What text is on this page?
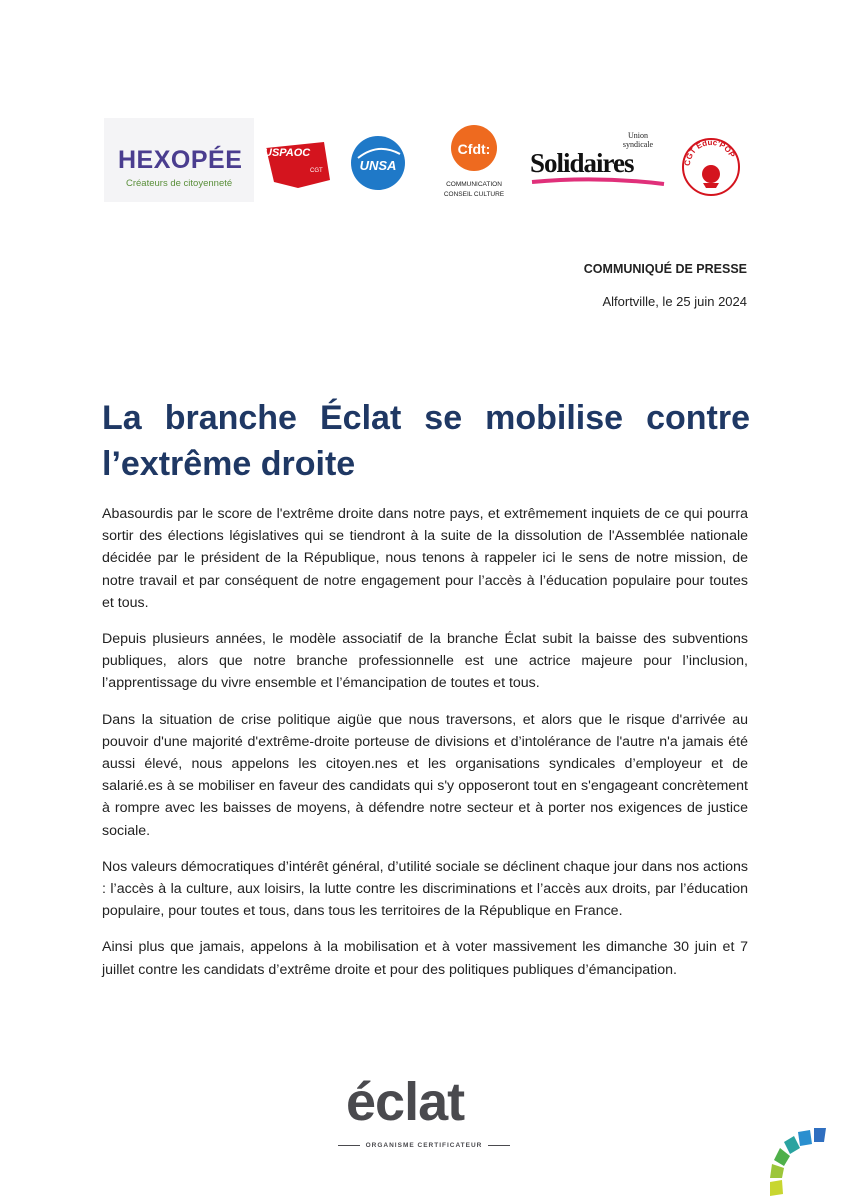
HEXOPÉE
Créateurs de citoyenneté
USPAOC
CGT	UNSA
Cfdt:
COMMUNICATION
CONSEIL CULTURE
Union
syndicale
Solidaires	CGT Educ'POP
COMMUNIQUÉ DE PRESSE
Alfortville, le 25 juin 2024
La branche Éclat se mobilise contre l’extrême droite

Abasourdis par le score de l'extrême droite dans notre pays, et extrêmement inquiets de ce qui pourra sortir des élections législatives qui se tiendront à la suite de la dissolution de l'Assemblée nationale décidée par le président de la République, nous tenons à rappeler ici le sens de notre mission, de notre travail et par conséquent de notre engagement pour l’accès à l’éducation populaire pour toutes et tous.

Depuis plusieurs années, le modèle associatif de la branche Éclat subit la baisse des subventions publiques, alors que notre branche professionnelle est une actrice majeure pour l’inclusion, l’apprentissage du vivre ensemble et l’émancipation de toutes et tous.

Dans la situation de crise politique aigüe que nous traversons, et alors que le risque d'arrivée au pouvoir d'une majorité d'extrême-droite porteuse de divisions et d’intolérance de l'autre n'a jamais été aussi élevé, nous appelons les citoyen.nes et les organisations syndicales d’employeur et de salarié.es à se mobiliser en faveur des candidats qui s'y opposeront tout en s'engageant concrètement à rompre avec les baisses de moyens, à défendre notre secteur et à porter nos exigences de justice sociale.

Nos valeurs démocratiques d’intérêt général, d’utilité sociale se déclinent chaque jour dans nos actions : l’accès à la culture, aux loisirs, la lutte contre les discriminations et l’accès aux droits, par l’éducation populaire, pour toutes et tous, dans tous les territoires de la République en France.

Ainsi plus que jamais, appelons à la mobilisation et à voter massivement les dimanche 30 juin et 7 juillet contre les candidats d’extrême droite et pour des politiques publiques d’émancipation.

éclat
ORGANISME CERTIFICATEUR
